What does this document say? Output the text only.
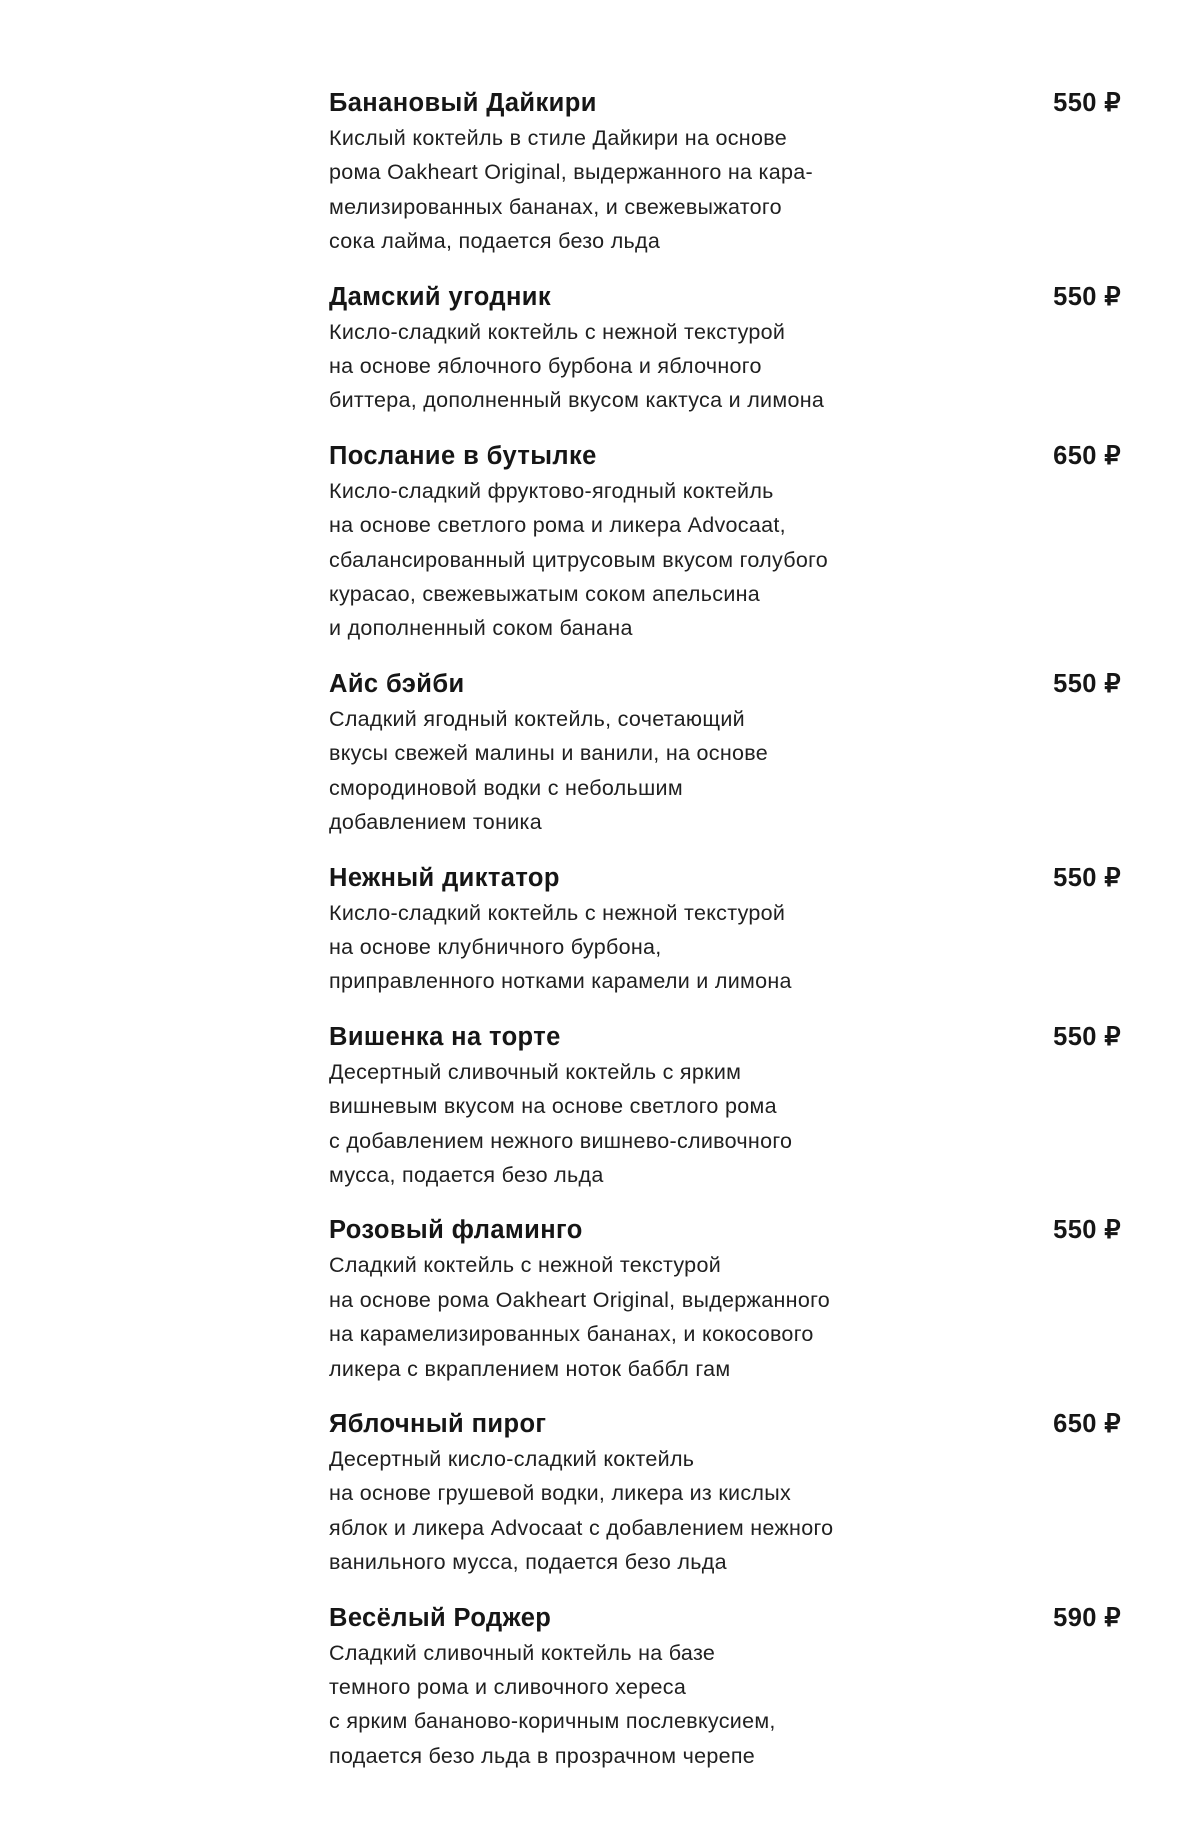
Банановый Дайкири	550 ₽
Кислый коктейль в стиле Дайкири на основе
рома Oakheart Original, выдержанного на кара-
мелизированных бананах, и свежевыжатого
сока лайма, подается безо льда
Дамский угодник	550 ₽
Кисло-сладкий коктейль с нежной текстурой
на основе яблочного бурбона и яблочного
биттера, дополненный вкусом кактуса и лимона
Послание в бутылке	650 ₽
Кисло-сладкий фруктово-ягодный коктейль
на основе светлого рома и ликера Advocaat,
сбалансированный цитрусовым вкусом голубого
курасао, свежевыжатым соком апельсина
и дополненный соком банана
Айс бэйби	550 ₽
Сладкий ягодный коктейль, сочетающий
вкусы свежей малины и ванили, на основе
смородиновой водки с небольшим
добавлением тоника
Нежный диктатор	550 ₽
Кисло-сладкий коктейль с нежной текстурой
на основе клубничного бурбона,
приправленного нотками карамели и лимона
Вишенка на торте	550 ₽
Десертный сливочный коктейль с ярким
вишневым вкусом на основе светлого рома
с добавлением нежного вишнево-сливочного
мусса, подается безо льда
Розовый фламинго	550 ₽
Сладкий коктейль с нежной текстурой
на основе рома Oakheart Original, выдержанного
на карамелизированных бананах, и кокосового
ликера с вкраплением ноток баббл гам
Яблочный пирог	650 ₽
Десертный кисло-сладкий коктейль
на основе грушевой водки, ликера из кислых
яблок и ликера Advocaat с добавлением нежного
ванильного мусса, подается безо льда
Весёлый Роджер	590 ₽
Сладкий сливочный коктейль на базе
темного рома и сливочного хереса
с ярким бананово-коричным послевкусием,
подается безо льда в прозрачном черепе
